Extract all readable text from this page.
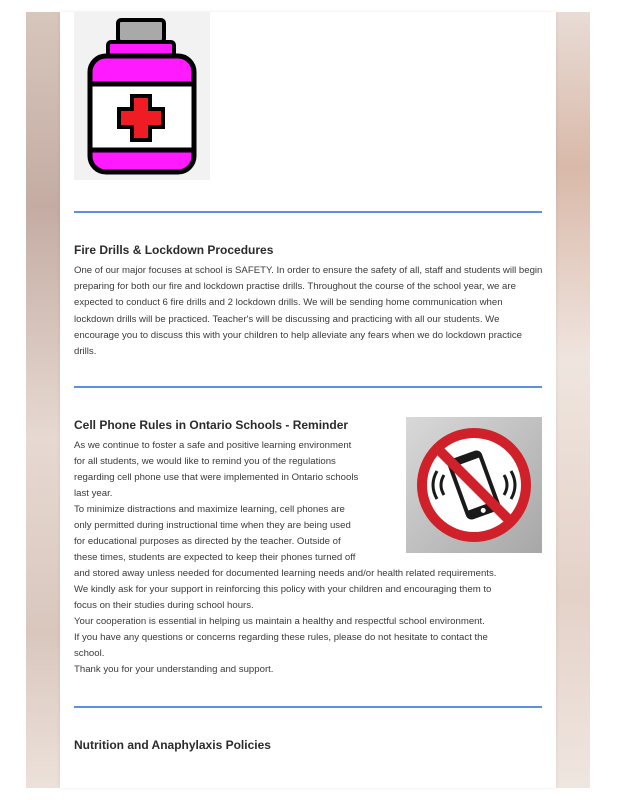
Fire Drills & Lockdown Procedures

One of our major focuses at school is SAFETY. In order to ensure the safety of all, staff and students will begin preparing for both our fire and lockdown practise drills. Throughout the course of the school year, we are expected to conduct 6 fire drills and 2 lockdown drills. We will be sending home communication when lockdown drills will be practiced. Teacher's will be discussing and practicing with all our students. We encourage you to discuss this with your children to help alleviate any fears when we do lockdown practice drills.

Cell Phone Rules in Ontario Schools - Reminder
As we continue to foster a safe and positive learning environment
for all students, we would like to remind you of the regulations
regarding cell phone use that were implemented in Ontario schools
last year.
To minimize distractions and maximize learning, cell phones are
only permitted during instructional time when they are being used
for educational purposes as directed by the teacher. Outside of
these times, students are expected to keep their phones turned off
and stored away unless needed for documented learning needs and/or health related requirements.
We kindly ask for your support in reinforcing this policy with your children and encouraging them to
focus on their studies during school hours.
Your cooperation is essential in helping us maintain a healthy and respectful school environment.
If you have any questions or concerns regarding these rules, please do not hesitate to contact the
school.
Thank you for your understanding and support.
Nutrition and Anaphylaxis Policies
